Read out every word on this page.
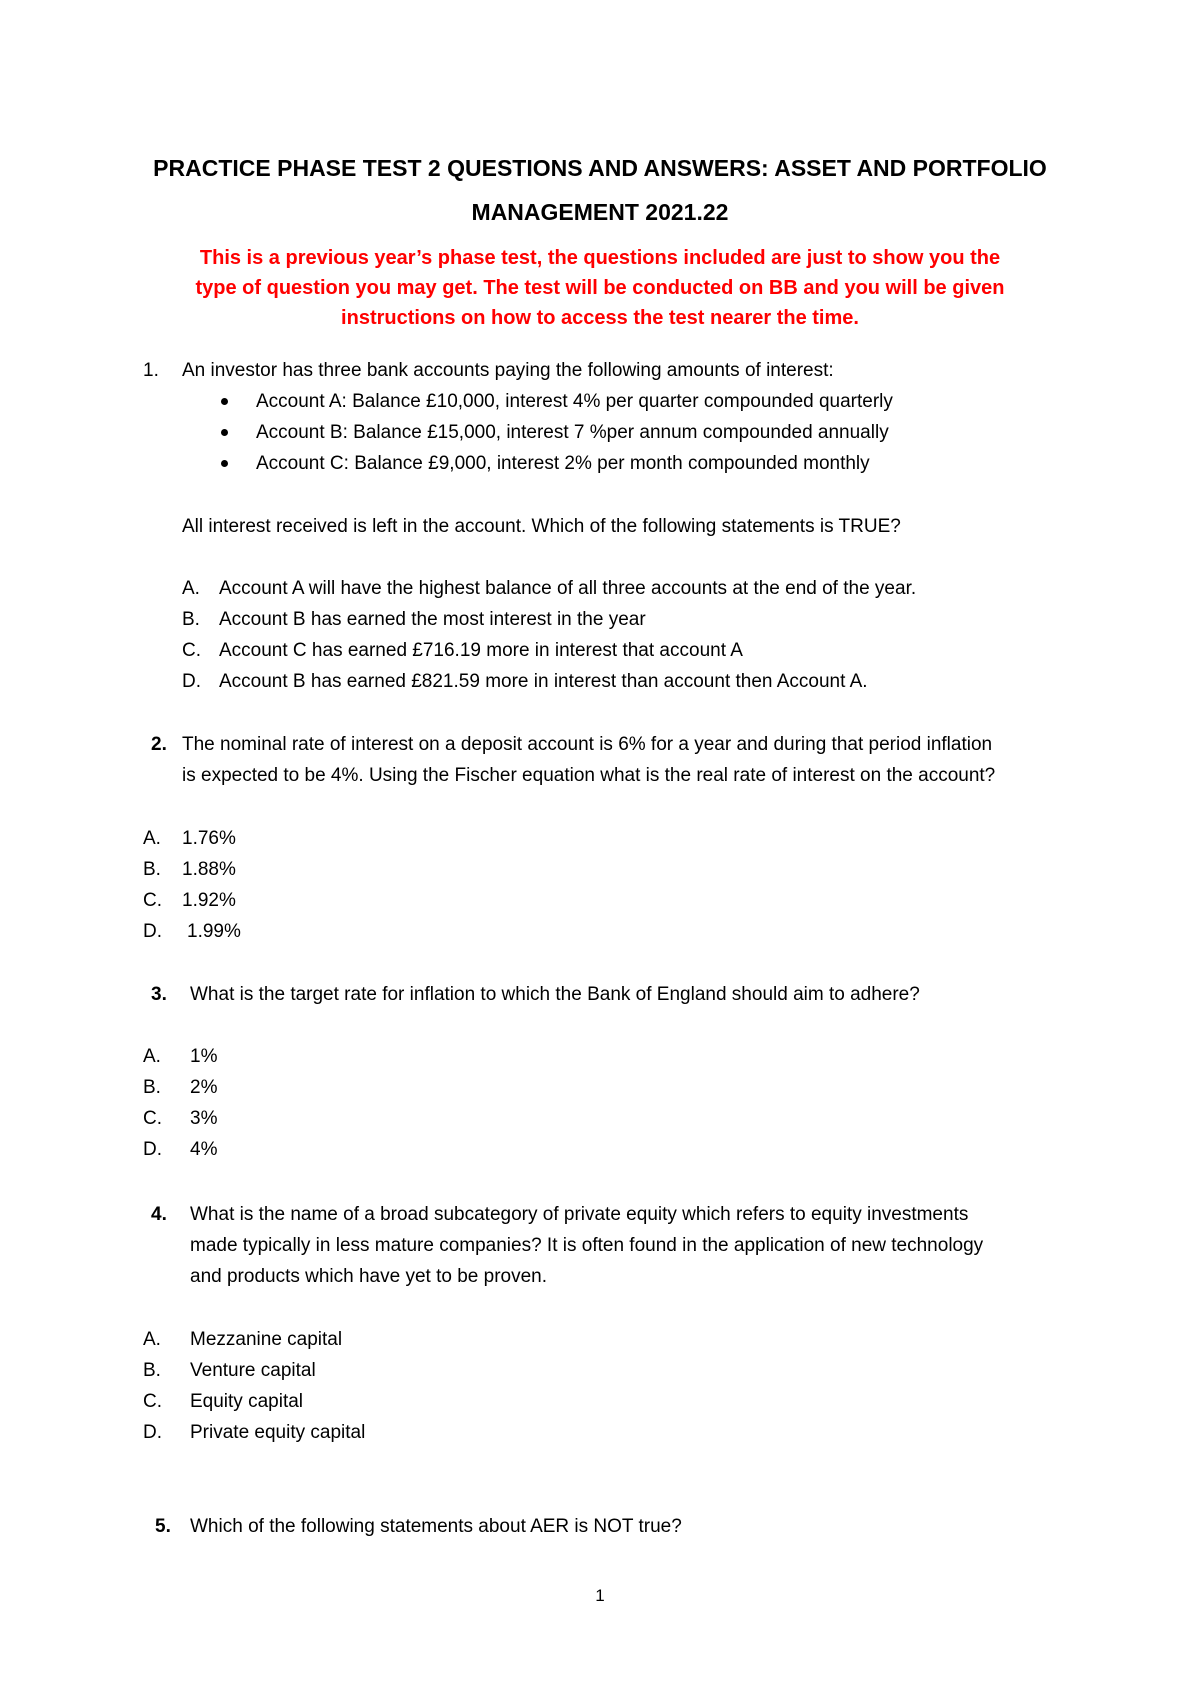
PRACTICE PHASE TEST 2 QUESTIONS AND ANSWERS: ASSET AND PORTFOLIO
MANAGEMENT 2021.22
This is a previous year’s phase test, the questions included are just to show you the
type of question you may get. The test will be conducted on BB and you will be given
instructions on how to access the test nearer the time.
1. An investor has three bank accounts paying the following amounts of interest:
Account A: Balance £10,000, interest 4% per quarter compounded quarterly
Account B: Balance £15,000, interest 7 %per annum compounded annually
Account C: Balance £9,000, interest 2% per month compounded monthly
All interest received is left in the account. Which of the following statements is TRUE?
A. Account A will have the highest balance of all three accounts at the end of the year.
B. Account B has earned the most interest in the year
C. Account C has earned £716.19 more in interest that account A
D. Account B has earned £821.59 more in interest than account then Account A.
2. The nominal rate of interest on a deposit account is 6% for a year and during that period inflation
is expected to be 4%. Using the Fischer equation what is the real rate of interest on the account?
A. 1.76%
B. 1.88%
C. 1.92%
D. 1.99%
3. What is the target rate for inflation to which the Bank of England should aim to adhere?
A. 1%
B. 2%
C. 3%
D. 4%
4. What is the name of a broad subcategory of private equity which refers to equity investments
made typically in less mature companies? It is often found in the application of new technology
and products which have yet to be proven.
A. Mezzanine capital
B. Venture capital
C. Equity capital
D. Private equity capital
5. Which of the following statements about AER is NOT true?
1
